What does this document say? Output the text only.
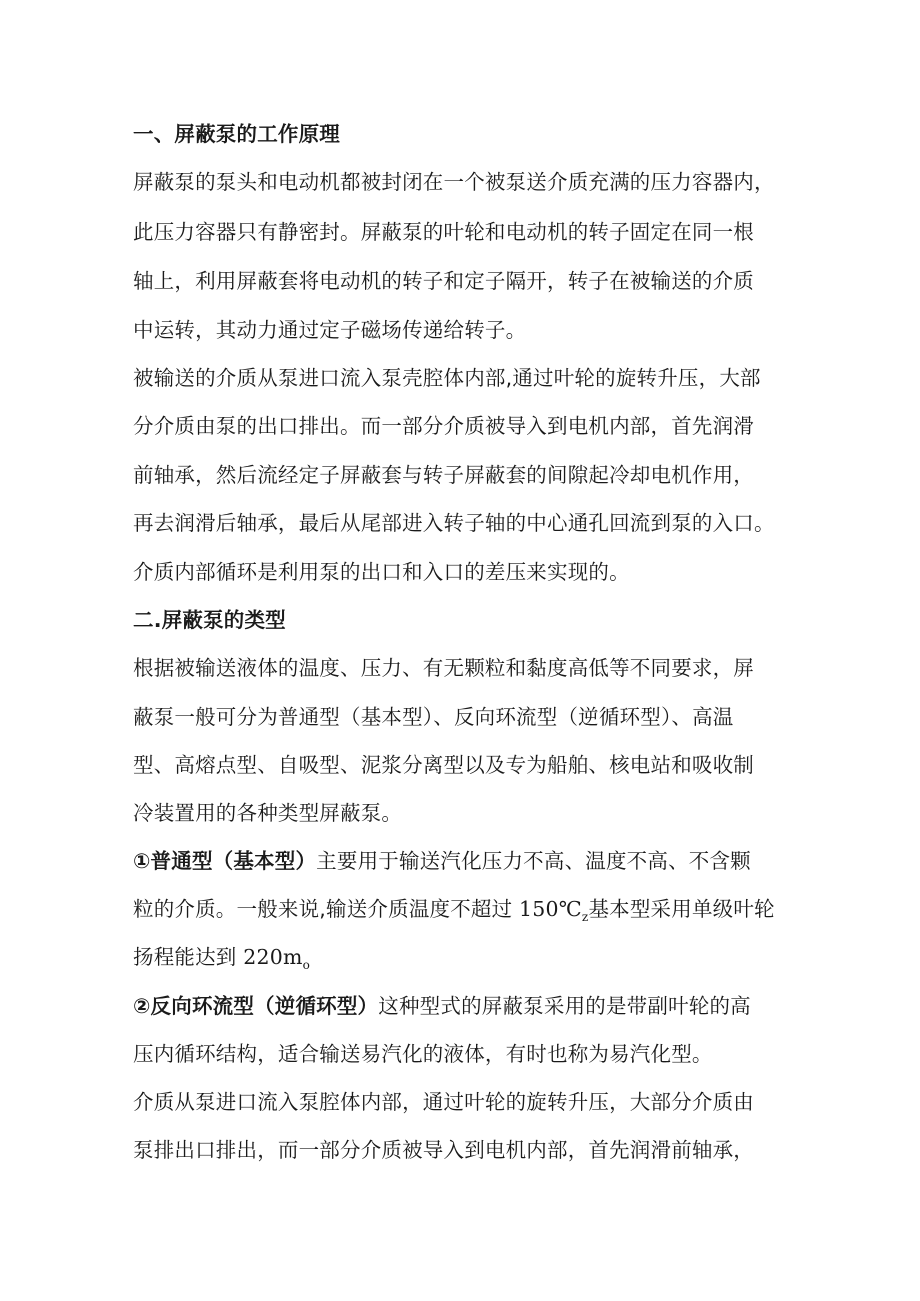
一、屏蔽泵的工作原理
屏蔽泵的泵头和电动机都被封闭在一个被泵送介质充满的压力容器内，
此压力容器只有静密封。屏蔽泵的叶轮和电动机的转子固定在同一根
轴上，利用屏蔽套将电动机的转子和定子隔开，转子在被输送的介质
中运转，其动力通过定子磁场传递给转子。
被输送的介质从泵进口流入泵壳腔体内部,通过叶轮的旋转升压，大部
分介质由泵的出口排出。而一部分介质被导入到电机内部，首先润滑
前轴承，然后流经定子屏蔽套与转子屏蔽套的间隙起冷却电机作用，
再去润滑后轴承，最后从尾部进入转子轴的中心通孔回流到泵的入口。
介质内部循环是利用泵的出口和入口的差压来实现的。
二.屏蔽泵的类型
根据被输送液体的温度、压力、有无颗粒和黏度高低等不同要求，屏
蔽泵一般可分为普通型（基本型）、反向环流型（逆循环型）、高温
型、高熔点型、自吸型、泥浆分离型以及专为船舶、核电站和吸收制
冷装置用的各种类型屏蔽泵。
①普通型（基本型）主要用于输送汽化压力不高、温度不高、不含颗
粒的介质。一般来说,输送介质温度不超过 $150℃_z$基本型采用单级叶轮
扬程能达到 $220m_o$
②反向环流型（逆循环型）这种型式的屏蔽泵采用的是带副叶轮的高
压内循环结构，适合输送易汽化的液体，有时也称为易汽化型。
介质从泵进口流入泵腔体内部，通过叶轮的旋转升压，大部分介质由
泵排出口排出，而一部分介质被导入到电机内部，首先润滑前轴承，
